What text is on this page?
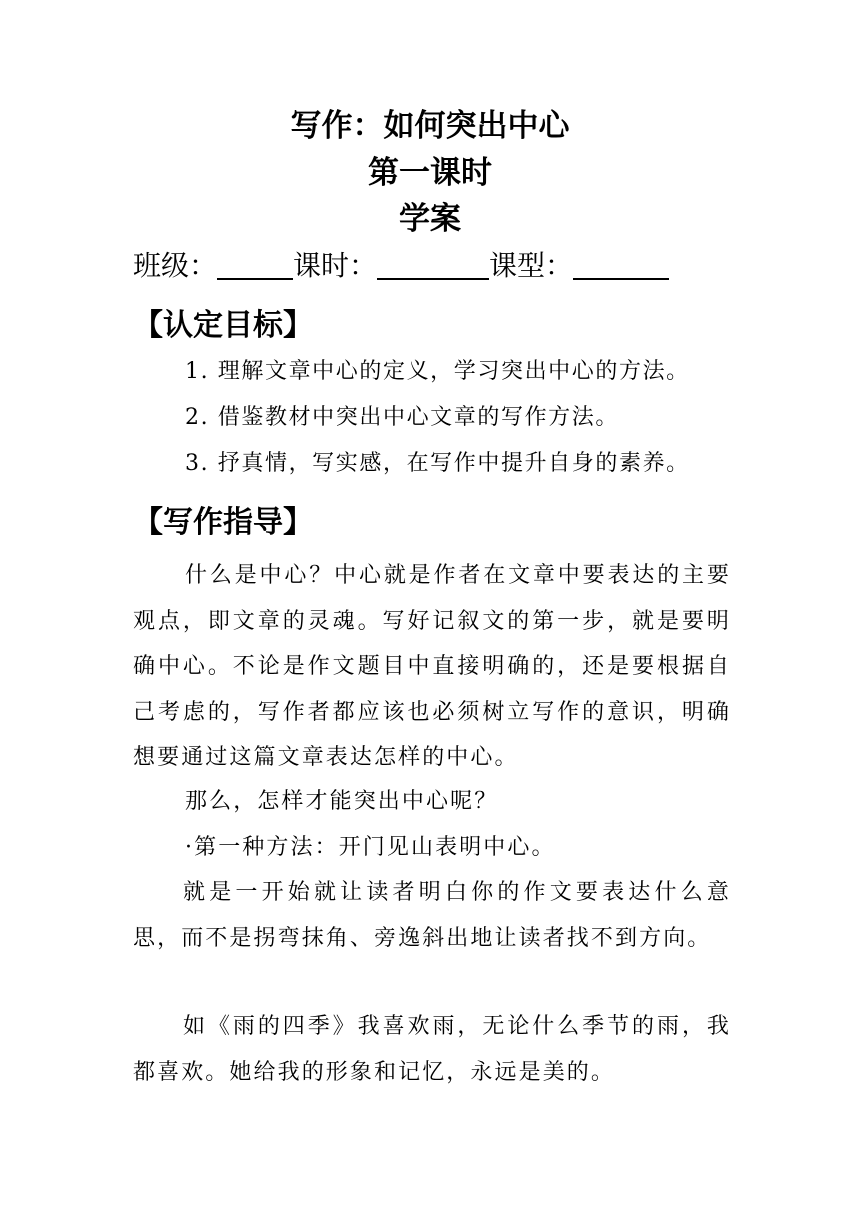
写作：如何突出中心
第一课时
学案
班级：	课时：	课型：
【认定目标】
1. 理解文章中心的定义，学习突出中心的方法。
2. 借鉴教材中突出中心文章的写作方法。
3. 抒真情，写实感，在写作中提升自身的素养。
【写作指导】
什么是中心？中心就是作者在文章中要表达的主要观点，即文章的灵魂。写好记叙文的第一步，就是要明确中心。不论是作文题目中直接明确的，还是要根据自己考虑的，写作者都应该也必须树立写作的意识，明确想要通过这篇文章表达怎样的中心。
那么，怎样才能突出中心呢？
·第一种方法：开门见山表明中心。
就是一开始就让读者明白你的作文要表达什么意思，而不是拐弯抹角、旁逸斜出地让读者找不到方向。
如《雨的四季》我喜欢雨，无论什么季节的雨，我都喜欢。她给我的形象和记忆，永远是美的。
